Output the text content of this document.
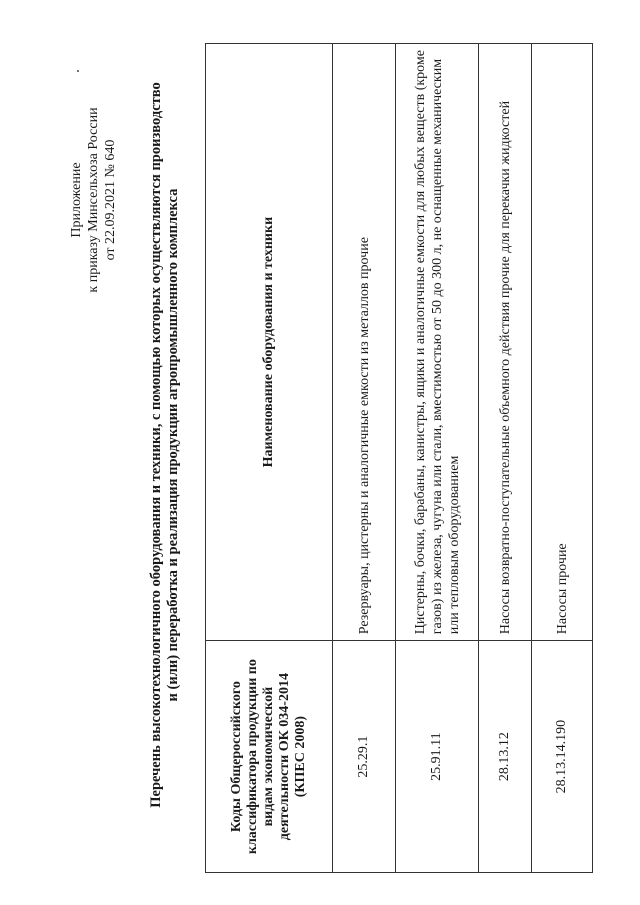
Приложение к приказу Минсельхоза России от 22.09.2021 № 640 Перечень высокотехнологичного оборудования и техники, с помощью которых осуществляются производство и (или) переработка и реализация продукции агропромышленного комплекса
Коды Общероссийского классификатора продукции по видам экономической деятельности ОК 034-2014 (КПЕС 2008)	Наименование оборудования и техники
25.29.1	Резервуары, цистерны и аналогичные емкости из металлов прочие
25.91.11	Цистерны, бочки, барабаны, канистры, ящики и аналогичные емкости для любых веществ (кроме газов) из железа, чугуна или стали, вместимостью от 50 до 300 л, не оснащенные механическим или тепловым оборудованием
28.13.12	Насосы возвратно-поступательные объемного действия прочие для перекачки жидкостей
28.13.14.190	Насосы прочие
